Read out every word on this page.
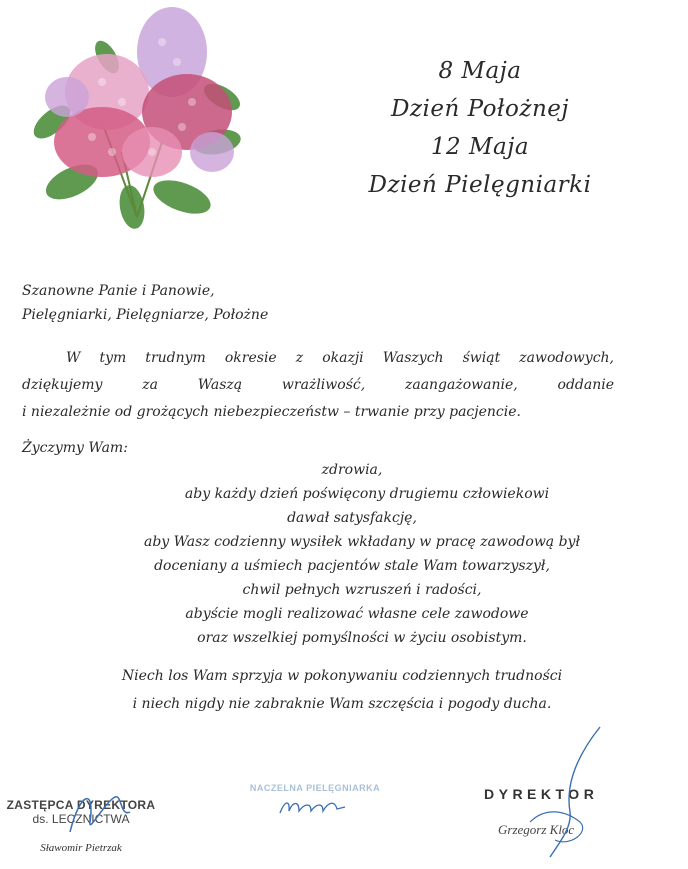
8 Maja
Dzień Położnej
12 Maja
Dzień Pielęgniarki
Szanowne Panie i Panowie,
Pielęgniarki, Pielęgniarze, Położne
W tym trudnym okresie z okazji Waszych świąt zawodowych,
dziękujemy za Waszą wrażliwość, zaangażowanie, oddanie
i niezależnie od grożących niebezpieczeństw – trwanie przy pacjencie.
Życzymy Wam:
zdrowia,
aby każdy dzień poświęcony drugiemu człowiekowi
dawał satysfakcję,
aby Wasz codzienny wysiłek wkładany w pracę zawodową był
doceniany a uśmiech pacjentów stale Wam towarzyszył,
chwil pełnych wzruszeń i radości,
abyście mogli realizować własne cele zawodowe
oraz wszelkiej pomyślności w życiu osobistym.
Niech los Wam sprzyja w pokonywaniu codziennych trudności
i niech nigdy nie zabraknie Wam szczęścia i pogody ducha.
ZASTĘPCA DYREKTORA
ds. LECZNICTWA
Sławomir Pietrzak
NACZELNA PIELĘGNIARKA	DYREKTOR
Grzegorz Kloc
